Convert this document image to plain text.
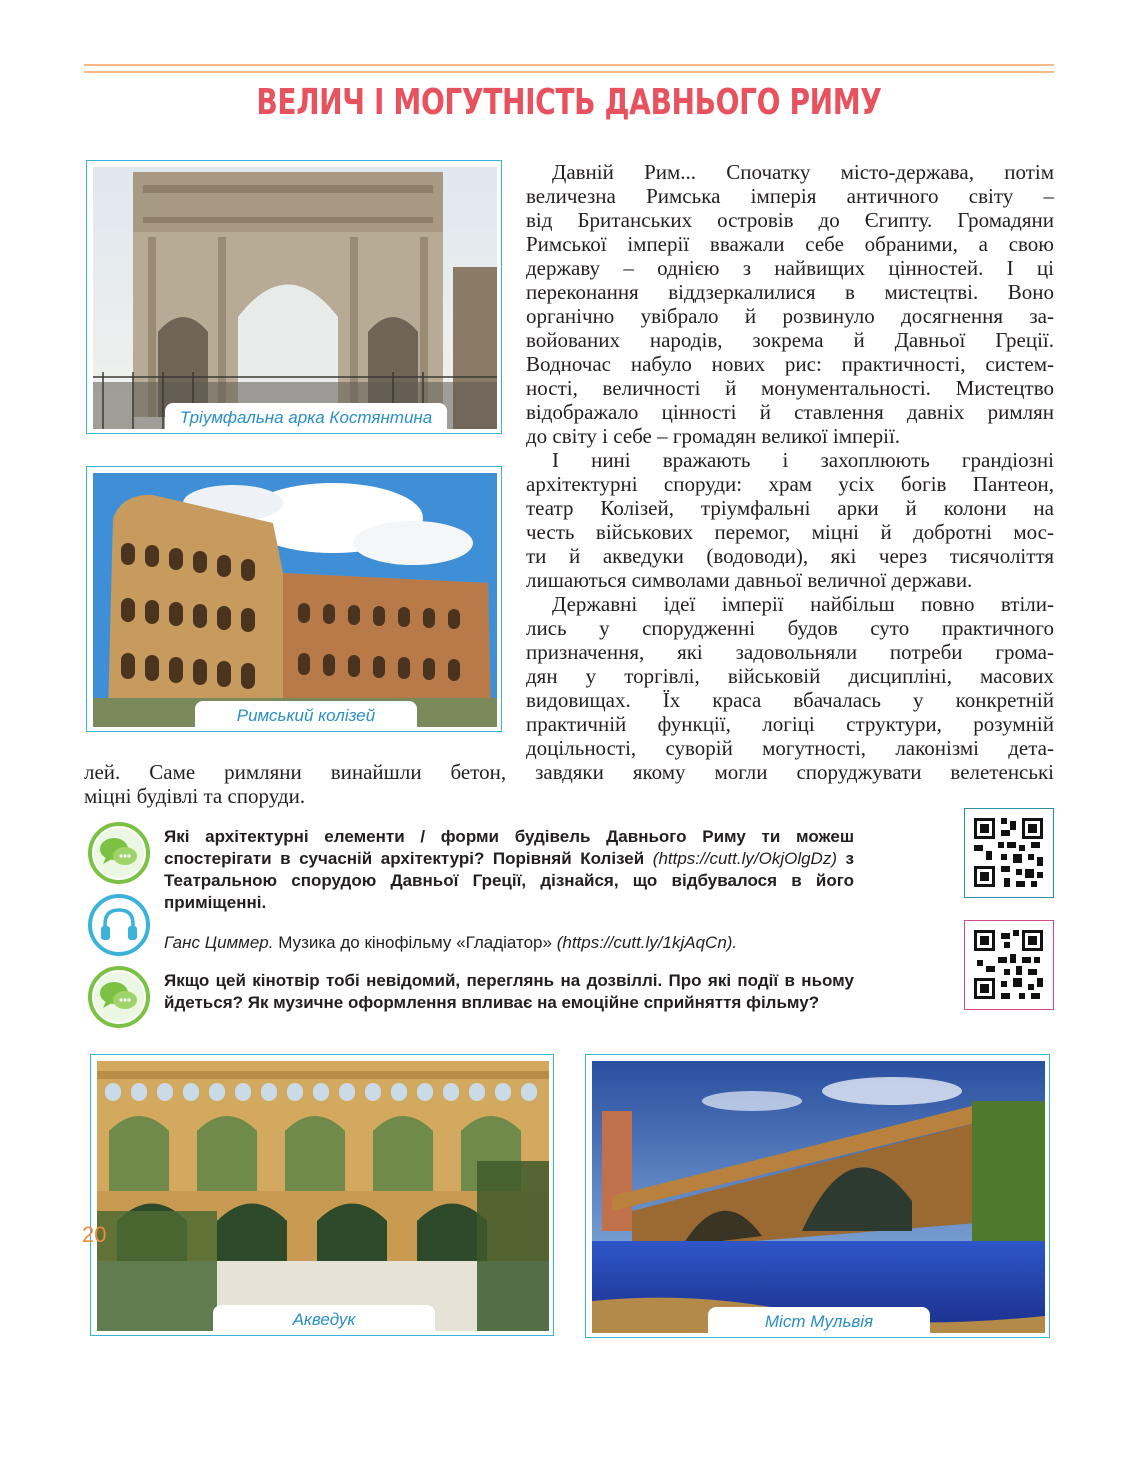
ВЕЛИЧ І МОГУТНІСТЬ ДАВНЬОГО РИМУ
Тріумфальна арка Костянтина
Римський колізей
Давній Рим... Спочатку місто-держава, потім
величезна Римська імперія античного світу –
від Британських островів до Єгипту. Громадяни
Римської імперії вважали себе обраними, а свою
державу – однією з найвищих цінностей. І ці
переконання віддзеркалилися в мистецтві. Воно
органічно увібрало й розвинуло досягнення за-
войованих народів, зокрема й Давньої Греції.
Водночас набуло нових рис: практичності, систем-
ності, величності й монументальності. Мистецтво
відображало цінності й ставлення давніх римлян
до світу і себе – громадян великої імперії.
І нині вражають і захоплюють грандіозні
архітектурні споруди: храм усіх богів Пантеон,
театр Колізей, тріумфальні арки й колони на
честь військових перемог, міцні й добротні мос-
ти й акведуки (водоводи), які через тисячоліття
лишаються символами давньої величної держави.
Державні ідеї імперії найбільш повно втіли-
лись у спорудженні будов суто практичного
призначення, які задовольняли потреби грома-
дян у торгівлі, військовій дисципліні, масових
видовищах. Їх краса вбачалась у конкретній
практичній функції, логіці структури, розумній
доцільності, суворій могутності, лаконізмі дета-
лей. Саме римляни винайшли бетон, завдяки якому могли споруджувати велетенські
міцні будівлі та споруди.
Які архітектурні елементи / форми будівель Давнього Риму ти можеш спостерігати в сучасній архітектурі? Порівняй Колізей (https://cutt.ly/OkjOlgDz) з Театральною спорудою Давньої Греції, дізнайся, що відбувалося в його приміщенні.
Ганс Циммер. Музика до кінофільму «Гладіатор» (https://cutt.ly/1kjAqCn).
Якщо цей кінотвір тобі невідомий, переглянь на дозвіллі. Про які події в ньому йдеться? Як музичне оформлення впливає на емоційне сприйняття фільму?
Акведук	Міст Мульвія
20
